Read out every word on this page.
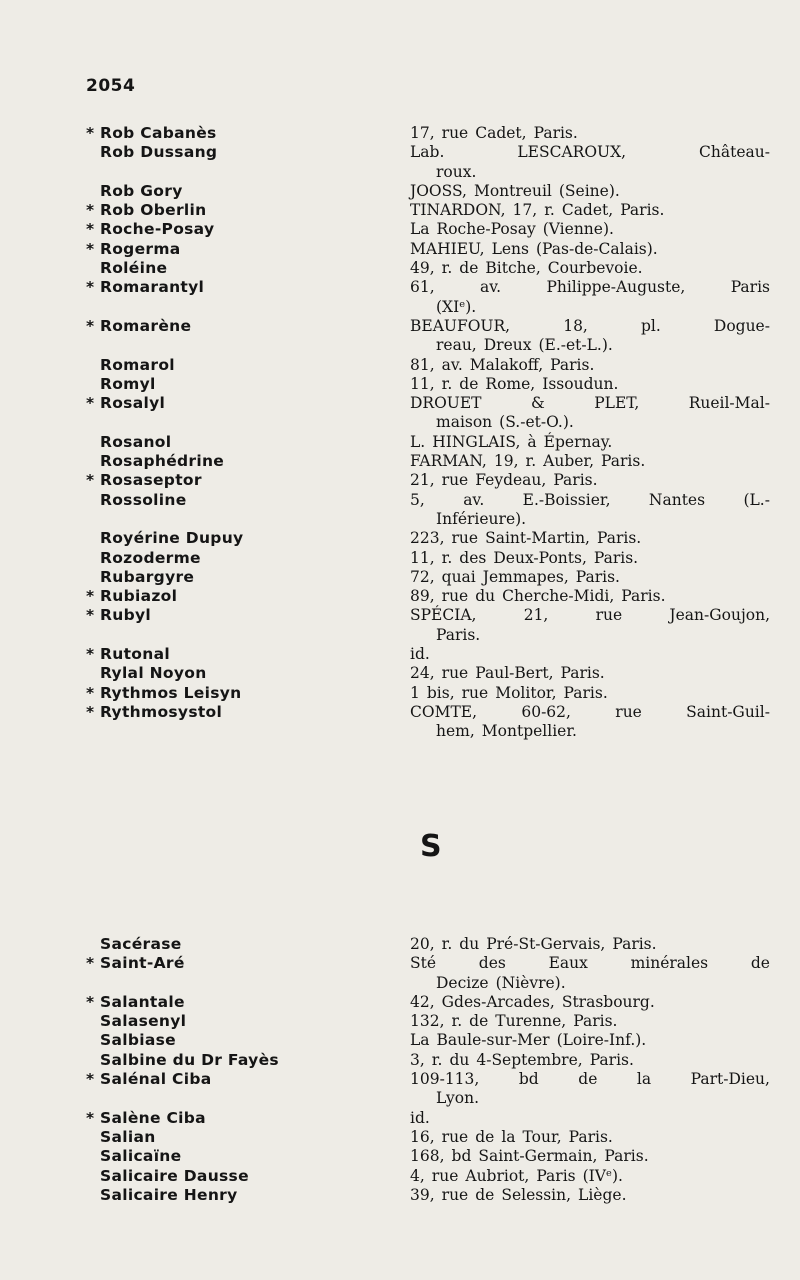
2054
* Rob Cabanès	17, rue Cadet, Paris.
Rob Dussang	Lab.	LESCAROUX,	Château-
roux.
Rob Gory	JOOSS, Montreuil (Seine).
* Rob Oberlin	TINARDON, 17, r. Cadet, Paris.
* Roche-Posay	La Roche-Posay (Vienne).
* Rogerma	MAHIEU, Lens (Pas-de-Calais).
Roléine	49, r. de Bitche, Courbevoie.
* Romarantyl	61,	av.	Philippe-Auguste,	Paris
(XIᵉ).
* Romarène	BEAUFOUR,	18,	pl.	Dogue-
reau, Dreux (E.-et-L.).
Romarol	81, av. Malakoff, Paris.
Romyl	11, r. de Rome, Issoudun.
* Rosalyl	DROUET	&	PLET,	Rueil-Mal-
maison (S.-et-O.).
Rosanol	L. HINGLAIS, à Épernay.
Rosaphédrine	FARMAN, 19, r. Auber, Paris.
* Rosaseptor	21, rue Feydeau, Paris.
Rossoline	5, av. E.-Boissier, Nantes (L.-
Inférieure).
Royérine Dupuy	223, rue Saint-Martin, Paris.
Rozoderme	11, r. des Deux-Ponts, Paris.
Rubargyre	72, quai Jemmapes, Paris.
* Rubiazol	89, rue du Cherche-Midi, Paris.
* Rubyl	SPÉCIA,	21,	rue	Jean-Goujon,
Paris.
* Rutonal	id.
Rylal Noyon	24, rue Paul-Bert, Paris.
* Rythmos Leisyn	1 bis, rue Molitor, Paris.
* Rythmosystol	COMTE,	60-62,	rue	Saint-Guil-
hem, Montpellier.
S
Sacérase	20, r. du Pré-St-Gervais, Paris.
* Saint-Aré	Sté	des	Eaux	minérales	de
Decize (Nièvre).
* Salantale	42, Gdes-Arcades, Strasbourg.
Salasenyl	132, r. de Turenne, Paris.
Salbiase	La Baule-sur-Mer (Loire-Inf.).
Salbine du Dr Fayès	3, r. du 4-Septembre, Paris.
* Salénal Ciba	109-113,	bd	de	la	Part-Dieu,
Lyon.
* Salène Ciba	id.
Salian	16, rue de la Tour, Paris.
Salicaïne	168, bd Saint-Germain, Paris.
Salicaire Dausse	4, rue Aubriot, Paris (IVᵉ).
Salicaire Henry	39, rue de Selessin, Liège.
